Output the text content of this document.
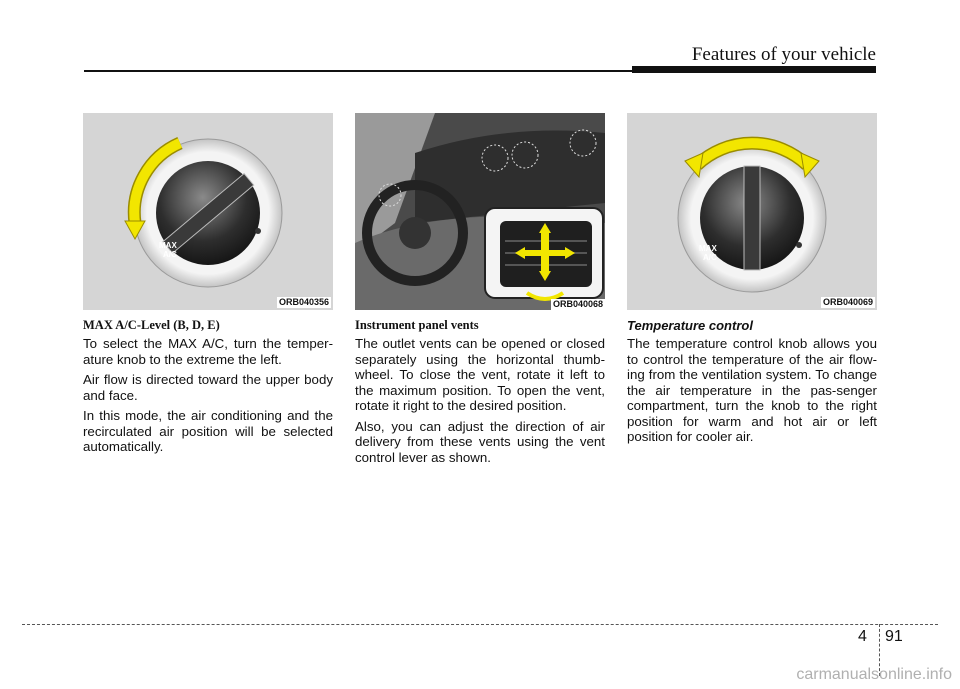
Features of your vehicle
MAX
A/C
ORB040356
MAX A/C-Level (B, D, E)

To select the MAX A/C, turn the temper-ature knob to the extreme the left.

Air flow is directed toward the upper body and face.

In this mode, the air conditioning and the recirculated air position will be selected automatically.

ORB040068
Instrument panel vents

The outlet vents can be opened or closed separately using the horizontal thumb-wheel. To close the vent, rotate it left to the maximum position. To open the vent, rotate it right to the desired position.

Also, you can adjust the direction of air delivery from these vents using the vent control lever as shown.

MAX
A/C
ORB040069
Temperature control

The temperature control knob allows you to control the temperature of the air flow-ing from the ventilation system. To change the air temperature in the pas-senger compartment, turn the knob to the right position for warm and hot air or left position for cooler air.

4 91
carmanualsonline.info
